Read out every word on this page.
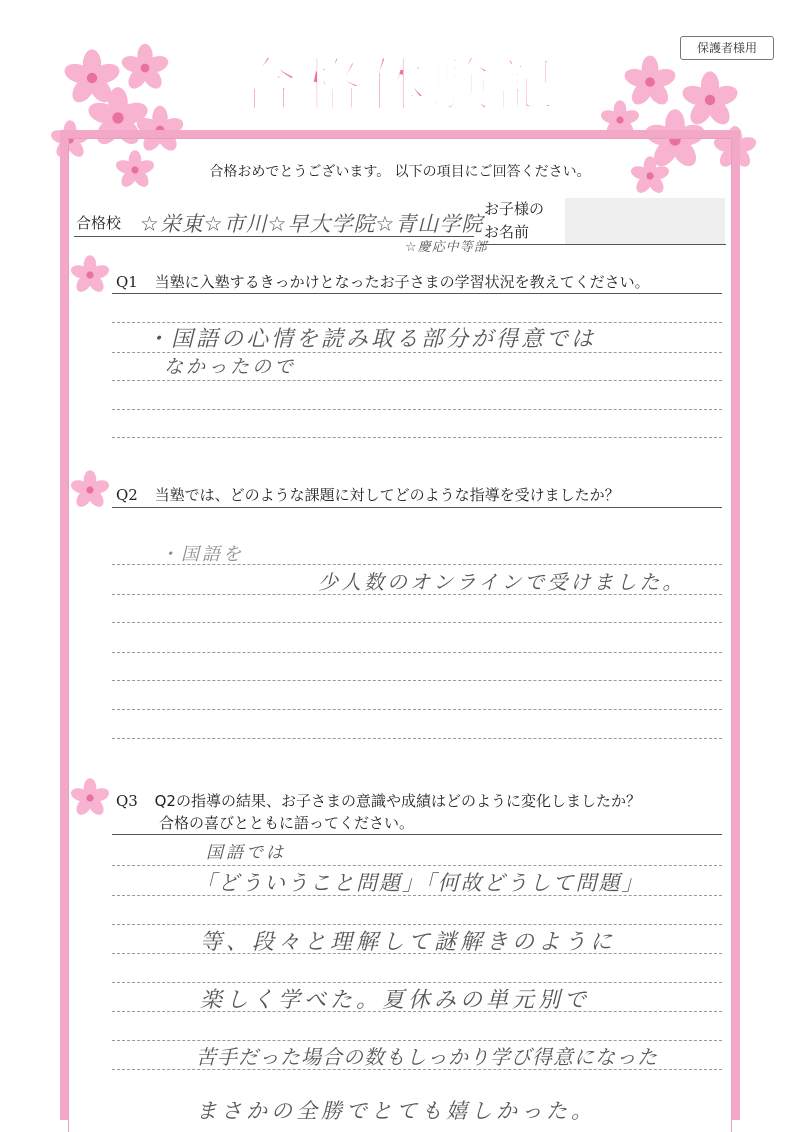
保護者様用
合格体験記
合格おめでとうございます。 以下の項目にご回答ください。
合格校 ☆栄東☆市川☆早大学院☆青山学院
☆慶応中等部
お子様の
お名前
Q1 当塾に入塾するきっかけとなったお子さまの学習状況を教えてください。
・国語の心情を読み取る部分が得意では
なかったので
Q2 当塾では、どのような課題に対してどのような指導を受けましたか？
・国語を
少人数のオンラインで受けました。
Q3 Q2の指導の結果、お子さまの意識や成績はどのように変化しましたか？
合格の喜びとともに語ってください。
国語では
「どういうこと問題」「何故どうして問題」
等、段々と理解して謎解きのように
楽しく学べた。夏休みの単元別で
苦手だった場合の数もしっかり学び得意になった
まさかの全勝でとても嬉しかった。
